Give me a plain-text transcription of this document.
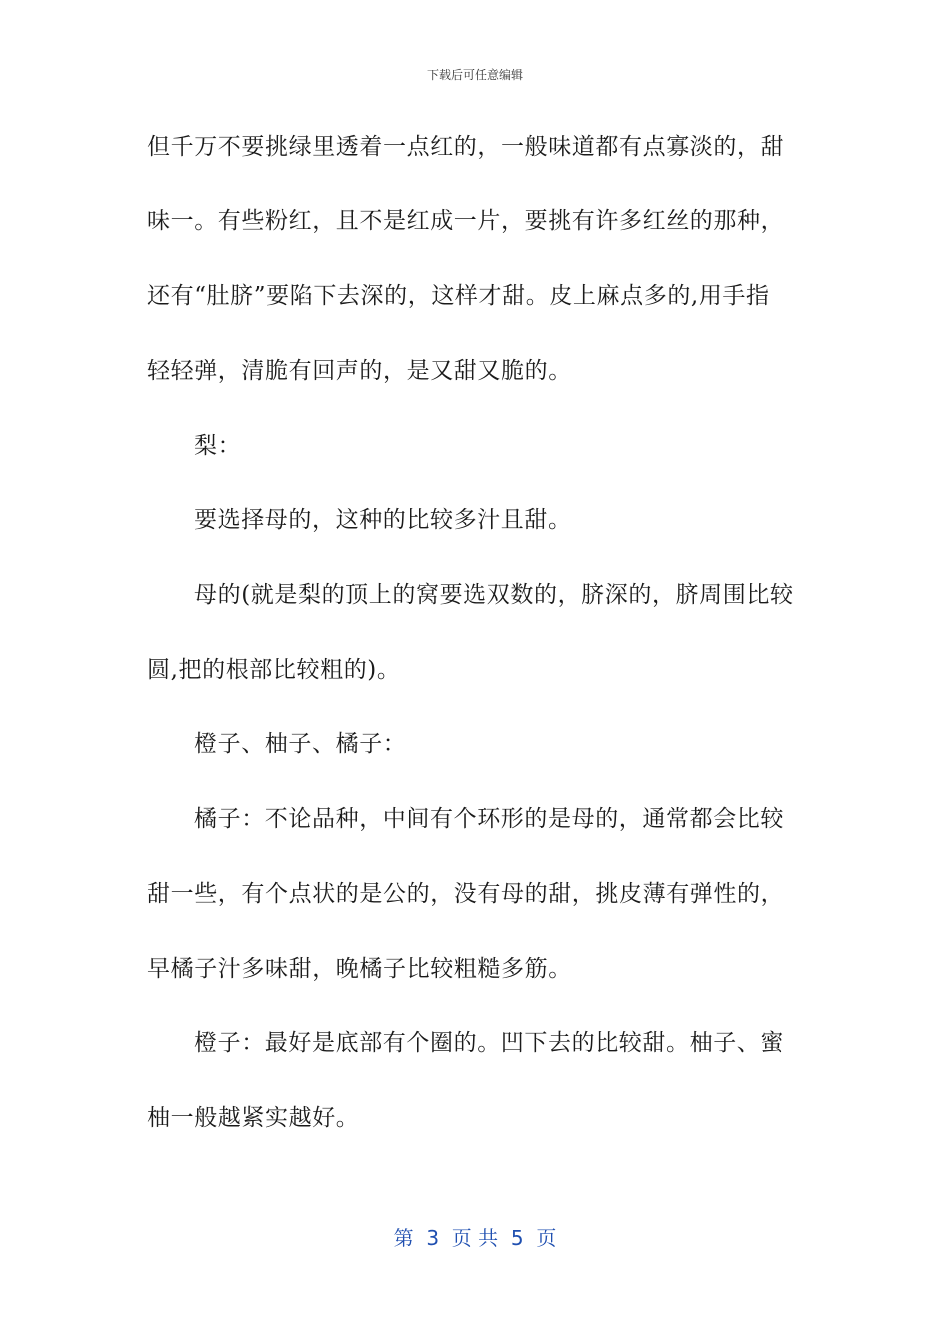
下载后可任意编辑
但千万不要挑绿里透着一点红的，一般味道都有点寡淡的，甜
味一。有些粉红，且不是红成一片，要挑有许多红丝的那种，
还有“肚脐”要陷下去深的，这样才甜。皮上麻点多的,用手指
轻轻弹，清脆有回声的，是又甜又脆的。
梨：
要选择母的，这种的比较多汁且甜。
母的(就是梨的顶上的窝要选双数的，脐深的，脐周围比较
圆,把的根部比较粗的)。
橙子、柚子、橘子：
橘子：不论品种，中间有个环形的是母的，通常都会比较
甜一些，有个点状的是公的，没有母的甜，挑皮薄有弹性的，
早橘子汁多味甜，晚橘子比较粗糙多筋。
橙子：最好是底部有个圈的。凹下去的比较甜。柚子、蜜
柚一般越紧实越好。
第  3  页 共  5  页
